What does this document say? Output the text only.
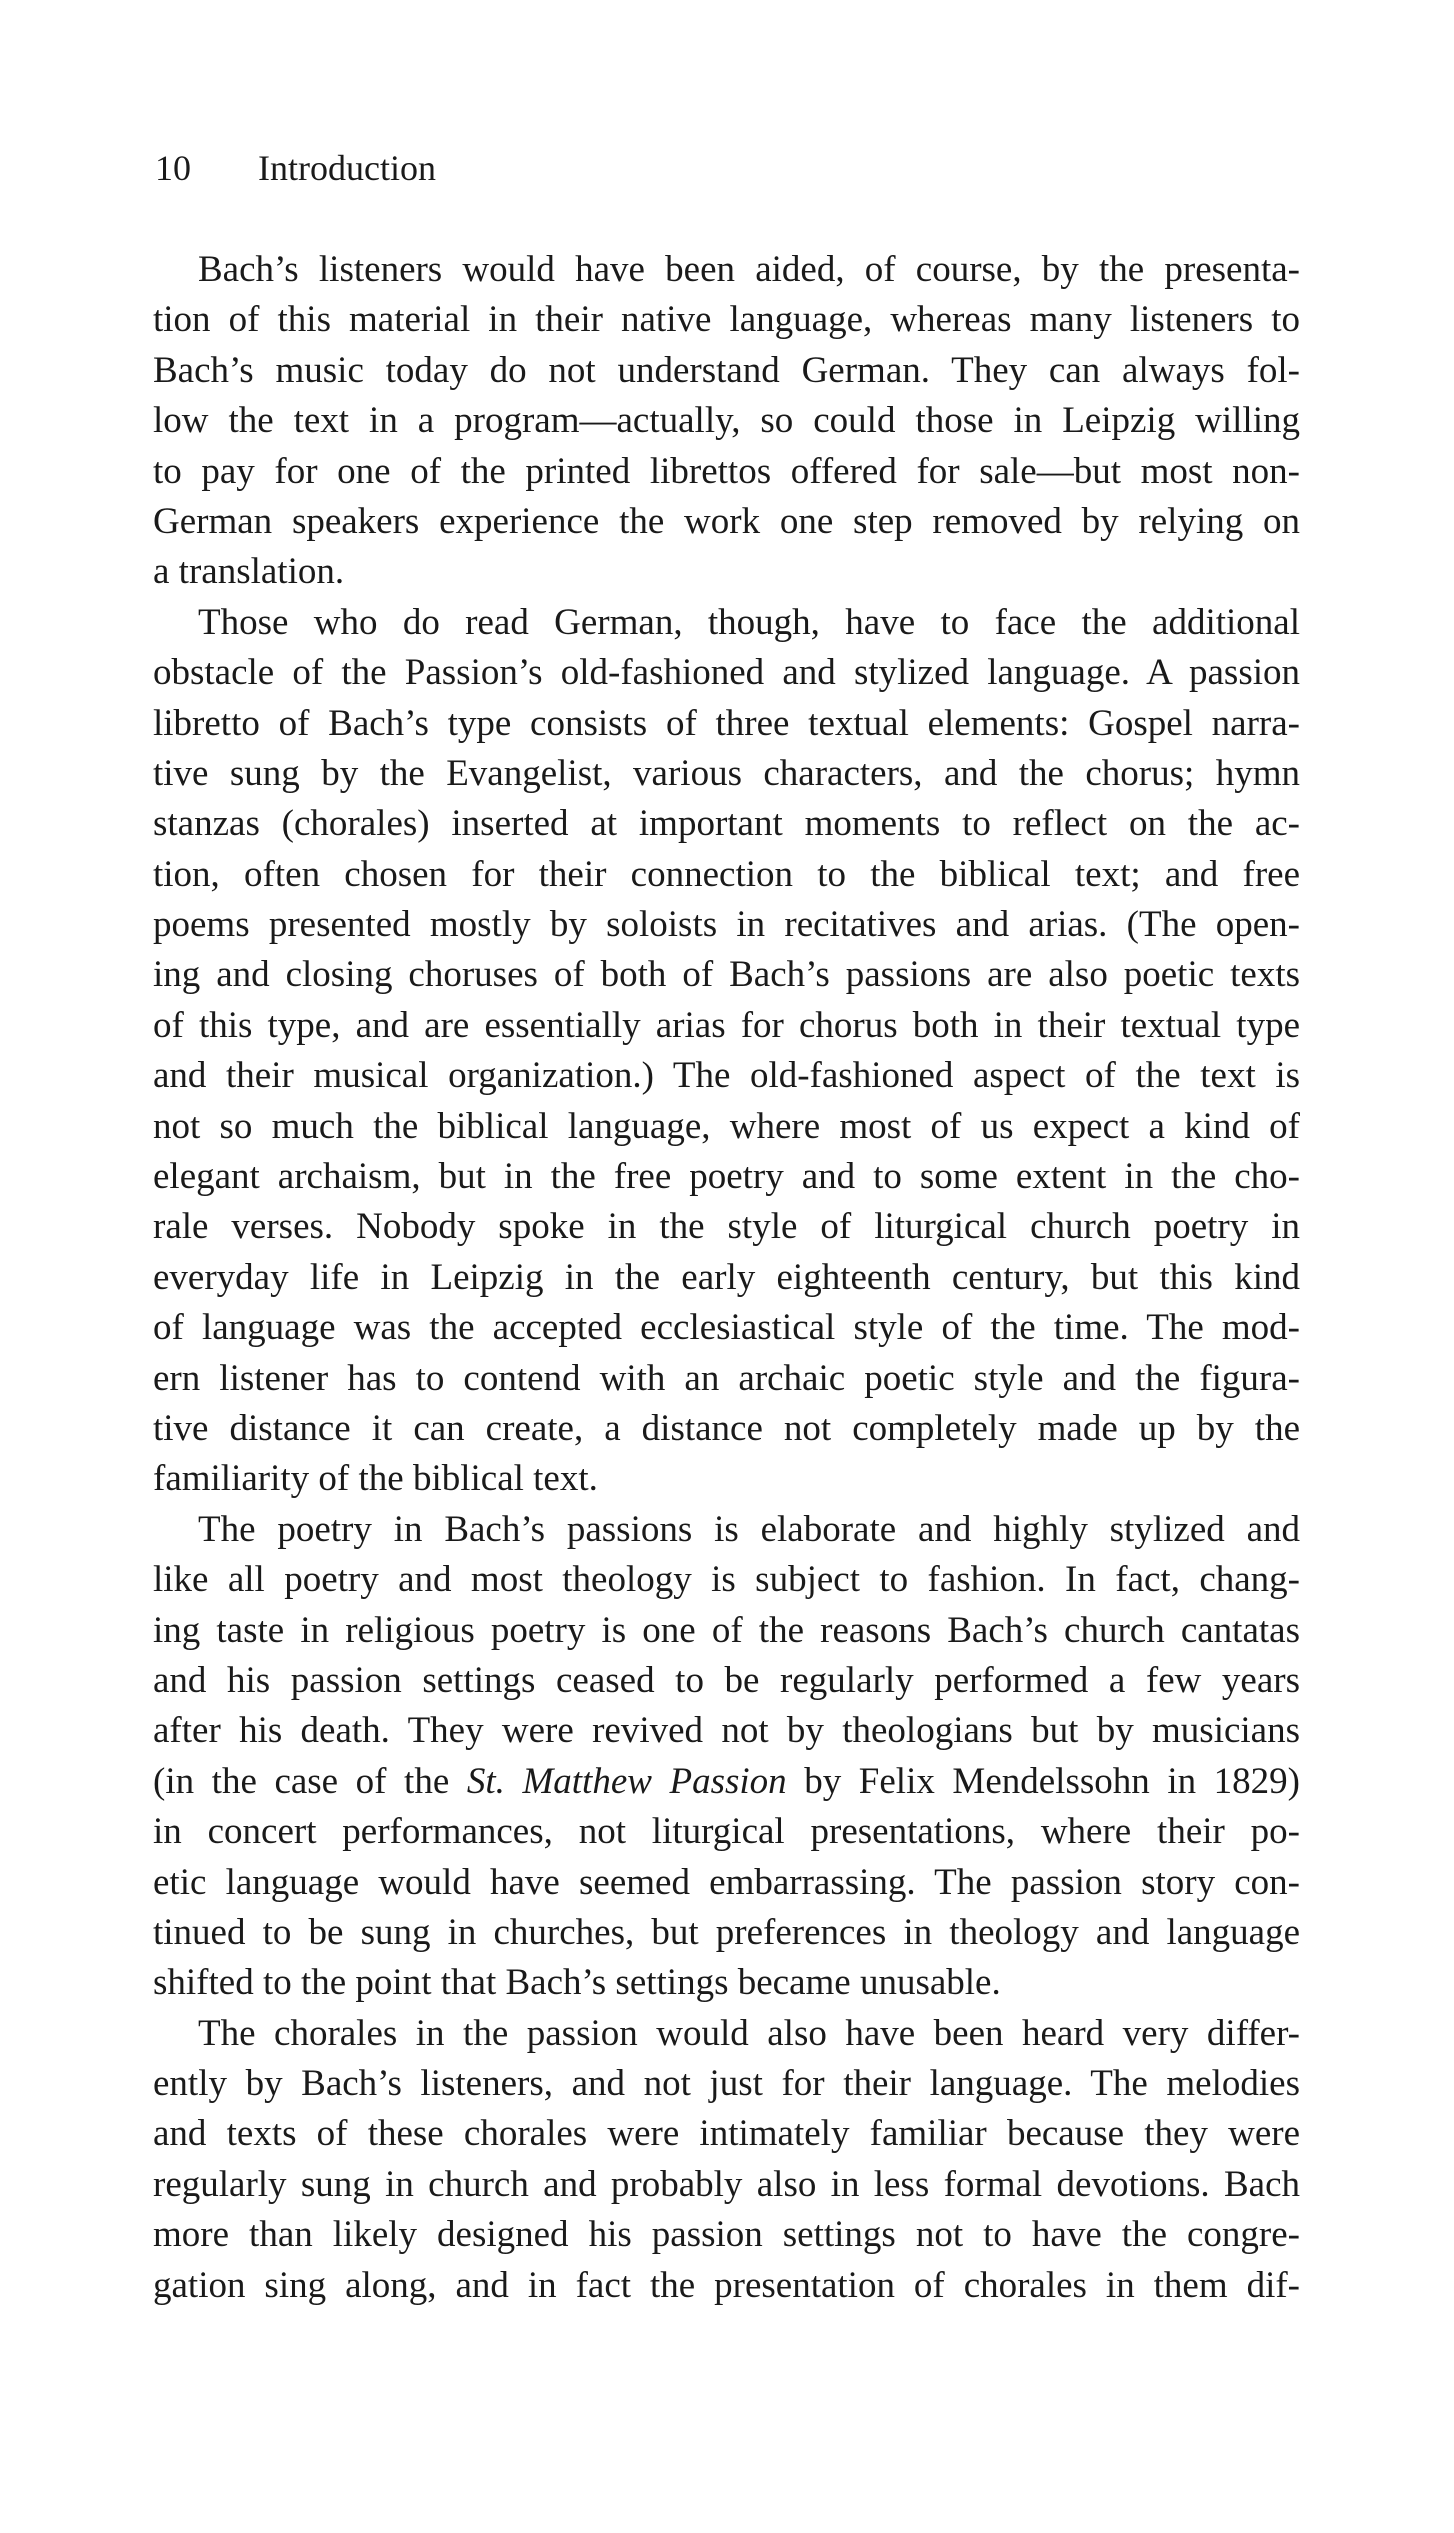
10 Introduction
Bach’s listeners would have been aided, of course, by the presenta-
tion of this material in their native language, whereas many listeners to
Bach’s music today do not understand German. They can always fol-
low the text in a program—actually, so could those in Leipzig willing
to pay for one of the printed librettos offered for sale—but most non-
German speakers experience the work one step removed by relying on
a translation.
Those who do read German, though, have to face the additional
obstacle of the Passion’s old-fashioned and stylized language. A passion
libretto of Bach’s type consists of three textual elements: Gospel narra-
tive sung by the Evangelist, various characters, and the chorus; hymn
stanzas (chorales) inserted at important moments to reflect on the ac-
tion, often chosen for their connection to the biblical text; and free
poems presented mostly by soloists in recitatives and arias. (The open-
ing and closing choruses of both of Bach’s passions are also poetic texts
of this type, and are essentially arias for chorus both in their textual type
and their musical organization.) The old-fashioned aspect of the text is
not so much the biblical language, where most of us expect a kind of
elegant archaism, but in the free poetry and to some extent in the cho-
rale verses. Nobody spoke in the style of liturgical church poetry in
everyday life in Leipzig in the early eighteenth century, but this kind
of language was the accepted ecclesiastical style of the time. The mod-
ern listener has to contend with an archaic poetic style and the figura-
tive distance it can create, a distance not completely made up by the
familiarity of the biblical text.
The poetry in Bach’s passions is elaborate and highly stylized and
like all poetry and most theology is subject to fashion. In fact, chang-
ing taste in religious poetry is one of the reasons Bach’s church cantatas
and his passion settings ceased to be regularly performed a few years
after his death. They were revived not by theologians but by musicians
(in the case of the St. Matthew Passion by Felix Mendelssohn in 1829)
in concert performances, not liturgical presentations, where their po-
etic language would have seemed embarrassing. The passion story con-
tinued to be sung in churches, but preferences in theology and language
shifted to the point that Bach’s settings became unusable.
The chorales in the passion would also have been heard very differ-
ently by Bach’s listeners, and not just for their language. The melodies
and texts of these chorales were intimately familiar because they were
regularly sung in church and probably also in less formal devotions. Bach
more than likely designed his passion settings not to have the congre-
gation sing along, and in fact the presentation of chorales in them dif-
